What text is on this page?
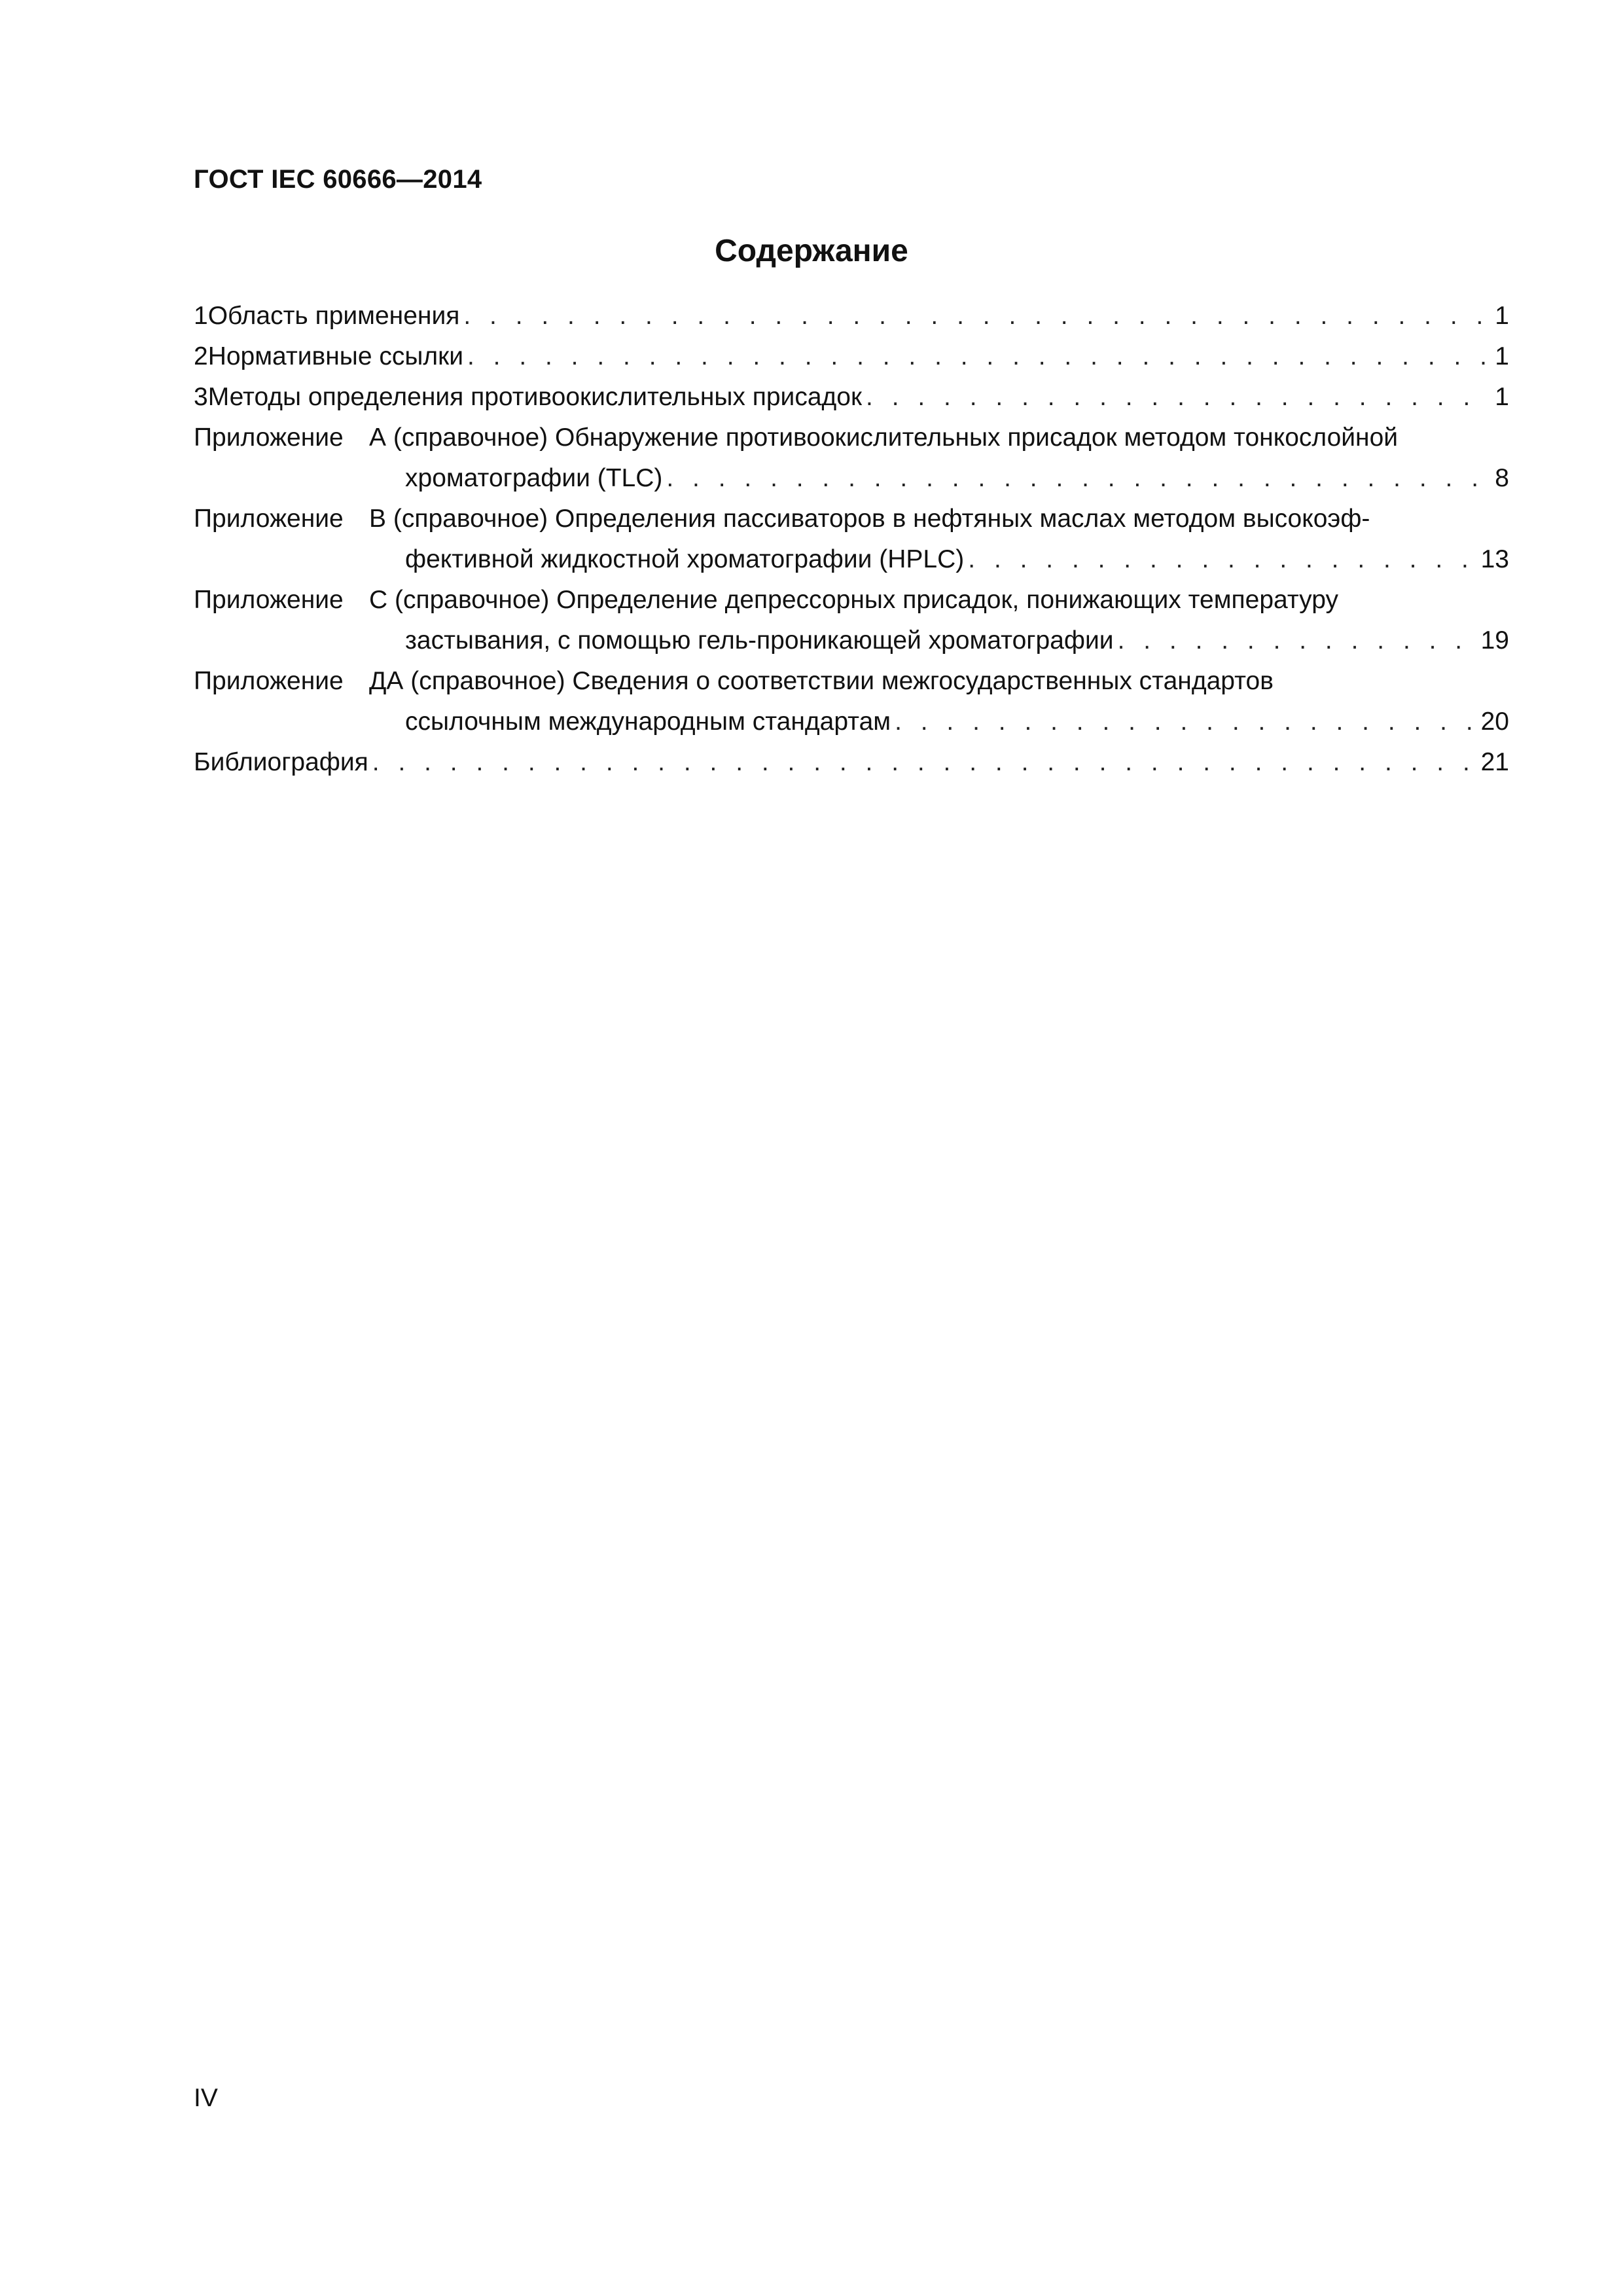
ГОСТ IEC 60666—2014
Содержание
1 Область применения . . .	1
2 Нормативные ссылки . . .	1
3 Методы определения противоокислительных присадок . . .	1
Приложение	А (справочное) Обнаружение противоокислительных присадок методом тонкослойной
хроматографии (TLC) . . .	8
Приложение	В (справочное) Определения пассиваторов в нефтяных маслах методом высокоэф-
фективной жидкостной хроматографии (HPLC) . . .	13
Приложение	С (справочное) Определение депрессорных присадок, понижающих температуру
застывания, с помощью гель-проникающей хроматографии . . .	19
Приложение	ДА (справочное) Сведения о соответствии межгосударственных стандартов
ссылочным международным стандартам . . .	20
Библиография . . .	21
IV
